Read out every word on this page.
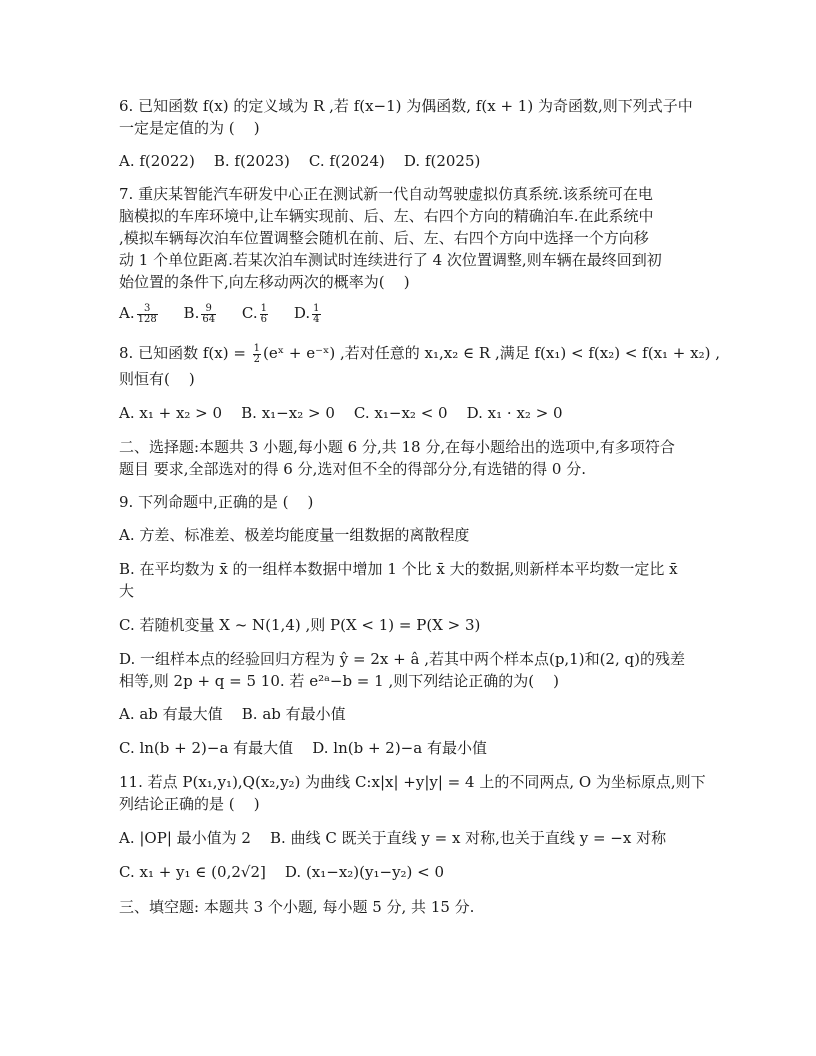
6. 已知函数 f(x) 的定义域为 R ,若 f(x−1) 为偶函数, f(x + 1) 为奇函数,则下列式子中
一定是定值的为 (    )
A. f(2022)    B. f(2023)    C. f(2024)    D. f(2025)
7. 重庆某智能汽车研发中心正在测试新一代自动驾驶虚拟仿真系统.该系统可在电
脑模拟的车库环境中,让车辆实现前、后、左、右四个方向的精确泊车.在此系统中
,模拟车辆每次泊车位置调整会随机在前、后、左、右四个方向中选择一个方向移
动 1 个单位距离.若某次泊车测试时连续进行了 4 次位置调整,则车辆在最终回到初
始位置的条件下,向左移动两次的概率为(    )
A. $\frac{3}{128} B$. $\frac{9}{64} C$. $\frac{1}{6} D$. $\frac{1}{4}$
8. 已知函数 $f(x) = \frac{1}{2}$ (eˣ + e⁻ˣ) ,若对任意的 x₁,x₂ ∈ R ,满足 f(x₁) < f(x₂) < f(x₁ + x₂) ,
则恒有(    )
A. x₁ + x₂ > 0    B. x₁−x₂ > 0    C. x₁−x₂ < 0    D. x₁ · x₂ > 0
二、选择题:本题共 3 小题,每小题 6 分,共 18 分,在每小题给出的选项中,有多项符合
题目 要求,全部选对的得 6 分,选对但不全的得部分分,有选错的得 0 分.
9. 下列命题中,正确的是 (    )
A. 方差、标准差、极差均能度量一组数据的离散程度
B. 在平均数为 x̄ 的一组样本数据中增加 1 个比 x̄ 大的数据,则新样本平均数一定比 x̄
大
C. 若随机变量 X ~ N(1,4) ,则 P(X < 1) = P(X > 3)
D. 一组样本点的经验回归方程为 ŷ = 2x + â ,若其中两个样本点(p,1)和(2, q)的残差
相等,则 2p + q = 5 10. 若 e²ᵃ−b = 1 ,则下列结论正确的为(    )
A. ab 有最大值    B. ab 有最小值
C. ln(b + 2)−a 有最大值    D. ln(b + 2)−a 有最小值
11. 若点 P(x₁,y₁),Q(x₂,y₂) 为曲线 C:x|x| +y|y| = 4 上的不同两点, O 为坐标原点,则下
列结论正确的是 (    )
A. |OP| 最小值为 2    B. 曲线 C 既关于直线 y = x 对称,也关于直线 y = −x 对称
C. x₁ + y₁ ∈ (0,2√2]    D. (x₁−x₂)(y₁−y₂) < 0
三、填空题: 本题共 3 个小题, 每小题 5 分, 共 15 分.
